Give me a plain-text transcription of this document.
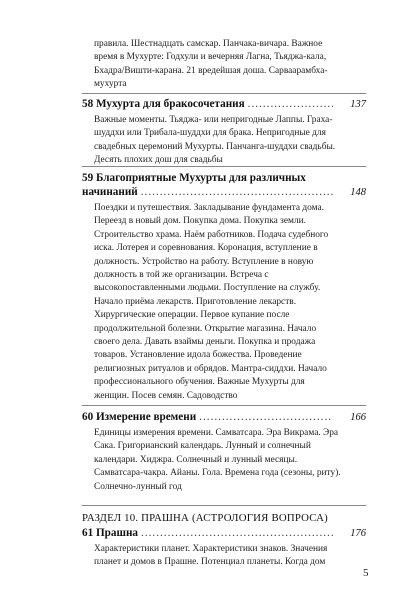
правила. Шестнадцать самскар. Панчака-вичара. Важное
время в Мухурте: Годхули и вечерняя Лагна, Тьяджа-кала,
Бхадра/Вишти-карана. 21 вредейшая доша. Сарваарамбха-
мухурта
58 Мухурта для бракосочетания .....	137
Важные моменты. Тьяджа- или непригодные Лаппы. Граха-
шуддхи или Трибала-шуддхи для брака. Непригодные для
свадебных церемоний Мухурты. Панчанга-шуддхи свадьбы.
Десять плохих дош для свадьбы
59 Благоприятные Мухурты для различных
начинаний .....	148
Поездки и путешествия. Закладывание фундамента дома.
Переезд в новый дом. Покупка дома. Покупка земли.
Строительство храма. Наём работников. Подача судебного
иска. Лотерея и соревнования. Коронация, вступление в
должность. Устройство на работу. Вступление в новую
должность в той же организации. Встреча с
высокопоставленными людьми. Поступление на службу.
Начало приёма лекарств. Приготовление лекарств.
Хирургические операции. Первое купание после
продолжительной болезни. Открытие магазина. Начало
своего дела. Давать взаймы деньги. Покупка и продажа
товаров. Установление идола божества. Проведение
религиозных ритуалов и обрядов. Мантра-сиддхи. Начало
профессионального обучения. Важные Мухурты для
женщин. Посев семян. Садоводство
60 Измерение времени .....	166
Единицы измерения времени. Самватсара. Эра Викрама. Эра
Сака. Григорианский календарь. Лунный и солнечный
календари. Хиджра. Солнечный и лунный месяцы.
Самватсара-чакра. Айаны. Гола. Времена года (сезоны, риту).
Солнечно-лунный год
РАЗДЕЛ 10. ПРАШНА (АСТРОЛОГИЯ ВОПРОСА)
61 Прашна .....	176
Характеристики планет. Характеристики знаков. Значения
планет и домов в Прашне. Потенциал планеты. Когда дом
5
